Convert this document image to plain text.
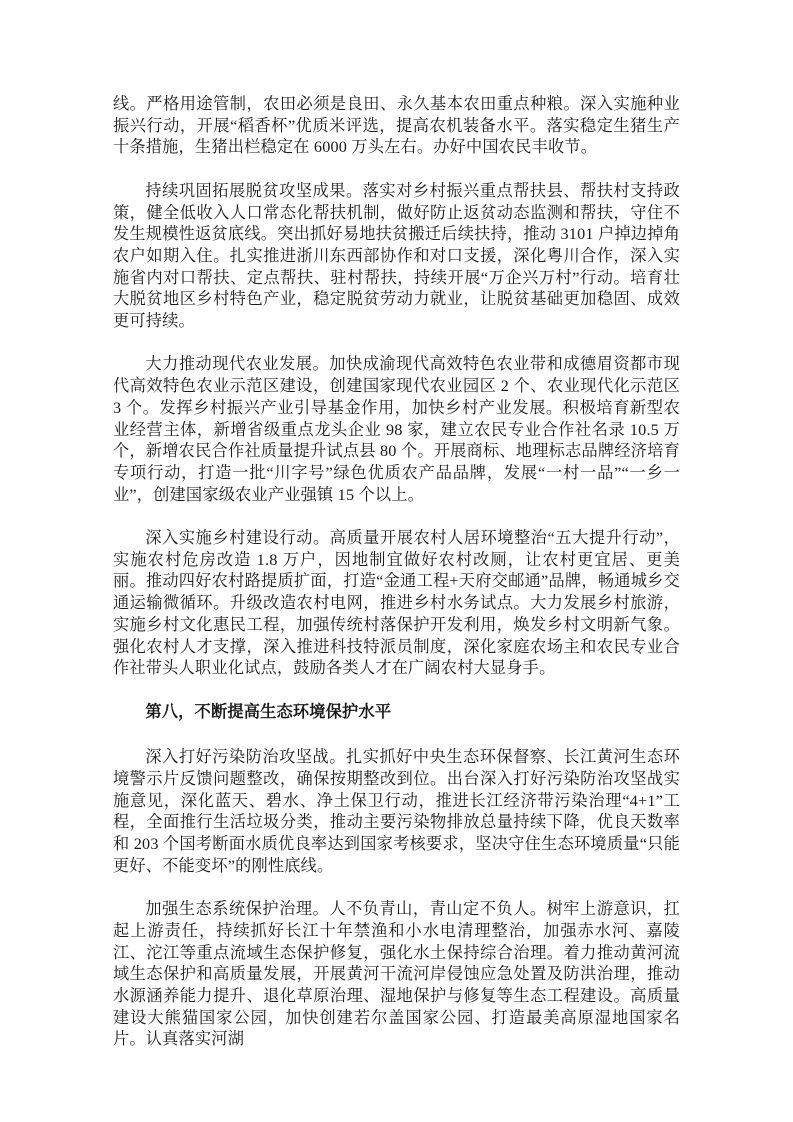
线。严格用途管制，农田必须是良田、永久基本农田重点种粮。深入实施种业振兴行动，开展“稻香杯”优质米评选，提高农机装备水平。落实稳定生猪生产十条措施，生猪出栏稳定在 6000 万头左右。办好中国农民丰收节。

持续巩固拓展脱贫攻坚成果。落实对乡村振兴重点帮扶县、帮扶村支持政策，健全低收入人口常态化帮扶机制，做好防止返贫动态监测和帮扶，守住不发生规模性返贫底线。突出抓好易地扶贫搬迁后续扶持，推动 3101 户掉边掉角农户如期入住。扎实推进浙川东西部协作和对口支援，深化粤川合作，深入实施省内对口帮扶、定点帮扶、驻村帮扶，持续开展“万企兴万村”行动。培育壮大脱贫地区乡村特色产业，稳定脱贫劳动力就业，让脱贫基础更加稳固、成效更可持续。

大力推动现代农业发展。加快成渝现代高效特色农业带和成德眉资都市现代高效特色农业示范区建设，创建国家现代农业园区 2 个、农业现代化示范区 3 个。发挥乡村振兴产业引导基金作用，加快乡村产业发展。积极培育新型农业经营主体，新增省级重点龙头企业 98 家，建立农民专业合作社名录 10.5 万个，新增农民合作社质量提升试点县 80 个。开展商标、地理标志品牌经济培育专项行动，打造一批“川字号”绿色优质农产品品牌，发展“一村一品”“一乡一业”，创建国家级农业产业强镇 15 个以上。

深入实施乡村建设行动。高质量开展农村人居环境整治“五大提升行动”，实施农村危房改造 1.8 万户，因地制宜做好农村改厕，让农村更宜居、更美丽。推动四好农村路提质扩面，打造“金通工程+天府交邮通”品牌，畅通城乡交通运输微循环。升级改造农村电网，推进乡村水务试点。大力发展乡村旅游，实施乡村文化惠民工程，加强传统村落保护开发利用，焕发乡村文明新气象。强化农村人才支撑，深入推进科技特派员制度，深化家庭农场主和农民专业合作社带头人职业化试点，鼓励各类人才在广阔农村大显身手。

第八，不断提高生态环境保护水平

深入打好污染防治攻坚战。扎实抓好中央生态环保督察、长江黄河生态环境警示片反馈问题整改，确保按期整改到位。出台深入打好污染防治攻坚战实施意见，深化蓝天、碧水、净土保卫行动，推进长江经济带污染治理“4+1”工程，全面推行生活垃圾分类，推动主要污染物排放总量持续下降，优良天数率和 203 个国考断面水质优良率达到国家考核要求，坚决守住生态环境质量“只能更好、不能变坏”的刚性底线。

加强生态系统保护治理。人不负青山，青山定不负人。树牢上游意识，扛起上游责任，持续抓好长江十年禁渔和小水电清理整治，加强赤水河、嘉陵江、沱江等重点流域生态保护修复，强化水土保持综合治理。着力推动黄河流域生态保护和高质量发展，开展黄河干流河岸侵蚀应急处置及防洪治理，推动水源涵养能力提升、退化草原治理、湿地保护与修复等生态工程建设。高质量建设大熊猫国家公园，加快创建若尔盖国家公园、打造最美高原湿地国家名片。认真落实河湖
